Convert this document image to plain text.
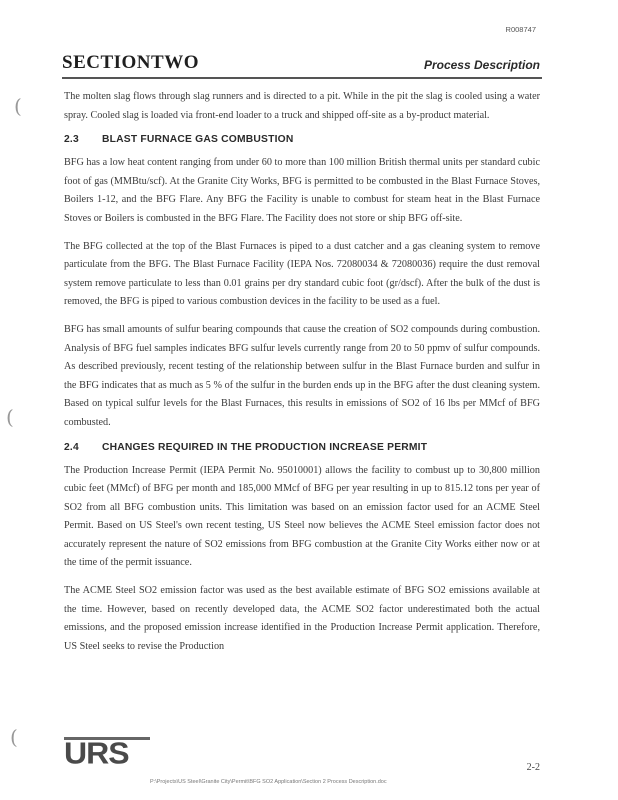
R008747
SECTIONTWO	Process Description
(
(
(

The molten slag flows through slag runners and is directed to a pit. While in the pit the slag is cooled using a water spray. Cooled slag is loaded via front-end loader to a truck and shipped off-site as a by-product material.

2.3 BLAST FURNACE GAS COMBUSTION

BFG has a low heat content ranging from under 60 to more than 100 million British thermal units per standard cubic foot of gas (MMBtu/scf). At the Granite City Works, BFG is permitted to be combusted in the Blast Furnace Stoves, Boilers 1-12, and the BFG Flare. Any BFG the Facility is unable to combust for steam heat in the Blast Furnace Stoves or Boilers is combusted in the BFG Flare. The Facility does not store or ship BFG off-site.

The BFG collected at the top of the Blast Furnaces is piped to a dust catcher and a gas cleaning system to remove particulate from the BFG. The Blast Furnace Facility (IEPA Nos. 72080034 & 72080036) require the dust removal system remove particulate to less than 0.01 grains per dry standard cubic foot (gr/dscf). After the bulk of the dust is removed, the BFG is piped to various combustion devices in the facility to be used as a fuel.

BFG has small amounts of sulfur bearing compounds that cause the creation of SO2 compounds during combustion. Analysis of BFG fuel samples indicates BFG sulfur levels currently range from 20 to 50 ppmv of sulfur compounds. As described previously, recent testing of the relationship between sulfur in the Blast Furnace burden and sulfur in the BFG indicates that as much as 5 % of the sulfur in the burden ends up in the BFG after the dust cleaning system. Based on typical sulfur levels for the Blast Furnaces, this results in emissions of SO2 of 16 lbs per MMcf of BFG combusted.

2.4 CHANGES REQUIRED IN THE PRODUCTION INCREASE PERMIT

The Production Increase Permit (IEPA Permit No. 95010001) allows the facility to combust up to 30,800 million cubic feet (MMcf) of BFG per month and 185,000 MMcf of BFG per year resulting in up to 815.12 tons per year of SO2 from all BFG combustion units. This limitation was based on an emission factor used for an ACME Steel Permit. Based on US Steel's own recent testing, US Steel now believes the ACME Steel emission factor does not accurately represent the nature of SO2 emissions from BFG combustion at the Granite City Works either now or at the time of the permit issuance.

The ACME Steel SO2 emission factor was used as the best available estimate of BFG SO2 emissions available at the time. However, based on recently developed data, the ACME SO2 factor underestimated both the actual emissions, and the proposed emission increase identified in the Production Increase Permit application. Therefore, US Steel seeks to revise the Production

URS	2-2
P:\Projects\US Steel\Granite City\Permit\BFG SO2 Application\Section 2 Process Description.doc
